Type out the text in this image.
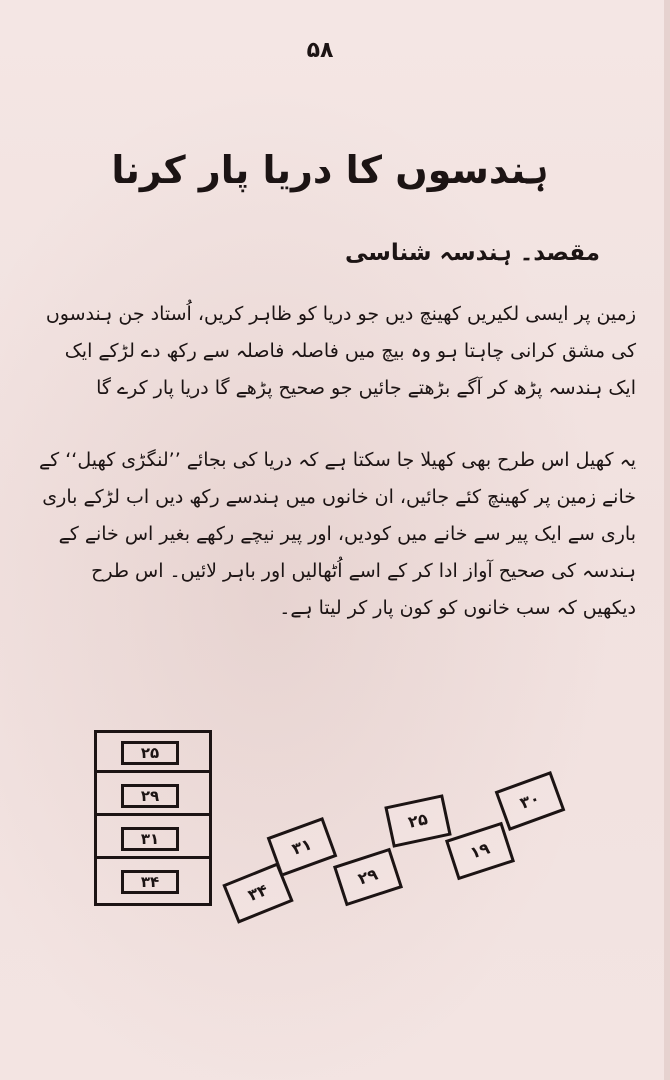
۵۸
ہندسوں کا دریا پار کرنا
مقصد۔ ہندسہ شناسی
زمین پر ایسی لکیریں کھینچ دیں جو دریا کو ظاہر کریں، اُستاد جن ہندسوں کی مشق کرانی چاہتا ہو وہ بیچ میں فاصلہ فاصلہ سے رکھ دے لڑکے ایک ایک ہندسہ پڑھ کر آگے بڑھتے جائیں جو صحیح پڑھے گا دریا پار کرے گا
یہ کھیل اس طرح بھی کھیلا جا سکتا ہے کہ دریا کی بجائے ’’لنگڑی کھیل‘‘ کے خانے زمین پر کھینچ کئے جائیں، ان خانوں میں ہندسے رکھ دیں اب لڑکے باری باری سے ایک پیر سے خانے میں کودیں، اور پیر نیچے رکھے بغیر اس خانے کے ہندسہ کی صحیح آواز ادا کر کے اسے اُٹھالیں اور باہر لائیں۔ اس طرح دیکھیں کہ سب خانوں کو کون پار کر لیتا ہے۔
۲۵
۲۹
۳۱
۳۴
۳۰
۲۵
۱۹
۳۱
۲۹
۳۴
